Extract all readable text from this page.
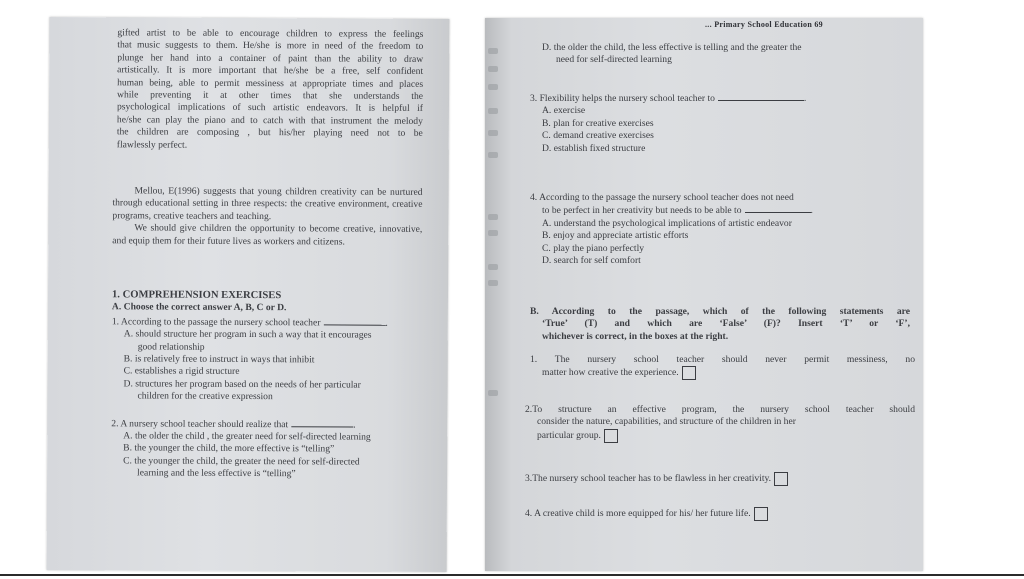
gifted artist to be able to encourage children to express the feelings
that music suggests to them. He/she is more in need of the freedom to
plunge her hand into a container of paint than the ability to draw
artistically. It is more important that he/she be a free, self confident
human being, able to permit messiness at appropriate times and places
while preventing it at other times that she understands the
psychological implications of such artistic endeavors. It is helpful if
he/she can play the piano and to catch with that instrument the melody
the children are composing , but his/her playing need not to be
flawlessly perfect.

Mellou, E(1996) suggests that young children creativity can be nurtured through educational setting in three respects: the creative environment, creative programs, creative teachers and teaching.

We should give children the opportunity to become creative, innovative, and equip them for their future lives as workers and citizens.

1. COMPREHENSION EXERCISES
A. Choose the correct answer A, B, C or D.

1. According to the passage the nursery school teacher	.

A. should structure her program in such a way that it encourages

good relationship

B. is relatively free to instruct in ways that inhibit

C. establishes a rigid structure

D. structures her program based on the needs of her particular

children for the creative expression

2. A nursery school teacher should realize that	.

A. the older the child , the greater need for self-directed learning

B. the younger the child, the more effective is “telling”

C. the younger the child, the greater the need for self-directed

learning and the less effective is “telling”

... Primary School Education 69

D. the older the child, the less effective is telling and the greater the

need for self-directed learning

3. Flexibility helps the nursery school teacher to	.

A. exercise

B. plan for creative exercises

C. demand creative exercises

D. establish fixed structure

4. According to the passage the nursery school teacher does not need

to be perfect in her creativity but needs to be able to	.

A. understand the psychological implications of artistic endeavor

B. enjoy and appreciate artistic efforts

C. play the piano perfectly

D. search for self comfort

B. According to the passage, which of the following statements are
‘True’ (T) and which are ‘False’ (F)? Insert ‘T’ or ‘F’,
whichever is correct, in the boxes at the right.

1. The nursery school teacher should never permit messiness, no

matter how creative the experience.

2.To structure an effective program, the nursery school teacher should

consider the nature, capabilities, and structure of the children in her

particular group.

3.The nursery school teacher has to be flawless in her creativity.

4. A creative child is more equipped for his/ her future life.
